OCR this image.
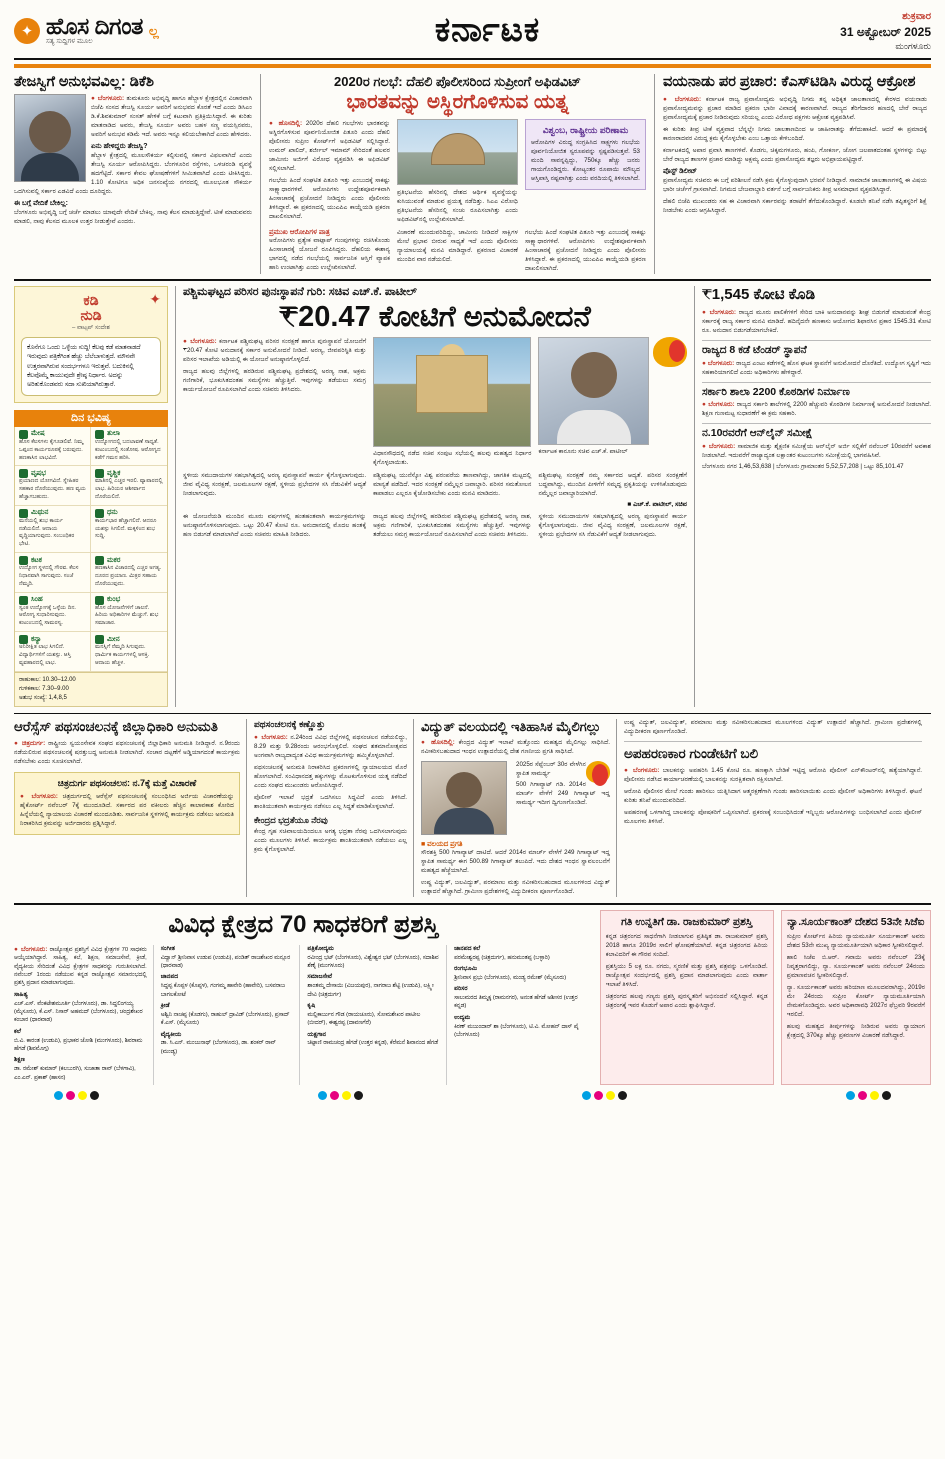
✦ ಹೊಸ ದಿಗಂತ
ಸತ್ಯ ಸುದ್ದಿಗಳ ಮೂಲ
ಲ್ಲ	ಕರ್ನಾಟಕ	ಶುಕ್ರವಾರ
31 ಅಕ್ಟೋಬರ್ 2025
ಮಂಗಳೂರು
ತೇಜಸ್ವಿಗೆ ಅನುಭವವಿಲ್ಲ: ಡಿಕೆಶಿ
● ಬೆಂಗಳೂರು: ತುಮಕೂರು ಅಭಿವೃದ್ಧಿ ಹಾಗೂ ಹೆಬ್ಬಾಳ ಕ್ಷೇತ್ರದಲ್ಲಿನ ವಿಚಾರವಾಗಿ ಬಿಜೆಪಿ ಸಂಸದ ತೇಜಸ್ವಿ ಸೂರ್ಯ ಅವರಿಗೆ ಅನುಭವದ ಕೊರತೆ ಇದೆ ಎಂದು ಡಿಸಿಎಂ ಡಿ.ಕೆ.ಶಿವಕುಮಾರ್ ಸಂಸತ್ ಹೇಳಿಕೆ ಬಗ್ಗೆ ಕಟುವಾಗಿ ಪ್ರತಿಕ್ರಿಯಿಸಿದ್ದಾರೆ. ಈ ಕುರಿತು ಮಾತನಾಡಿದ ಅವರು, ತೇಜಸ್ವಿ ಸೂರ್ಯ ಅವರು ಬಹಳ ಸಣ್ಣ ವಯಸ್ಸಿನವರು, ಅವರಿಗೆ ಅನುಭವ ಕಡಿಮೆ ಇದೆ. ಅವರು ಇನ್ನೂ ಕಲಿಯಬೇಕಾಗಿದೆ ಎಂದು ಹೇಳಿದರು.
ಏನು ಹೇಳಿದ್ದರು ತೇಜಸ್ವಿ?
ಹೆಬ್ಬಾಳ ಕ್ಷೇತ್ರದಲ್ಲಿ ಮೂಲಸೌಕರ್ಯ ಕಲ್ಪಿಸುವಲ್ಲಿ ಸರ್ಕಾರ ವಿಫಲವಾಗಿದೆ ಎಂದು ತೇಜಸ್ವಿ ಸೂರ್ಯ ಆರೋಪಿಸಿದ್ದರು. ಬೆಂಗಳೂರಿನ ರಸ್ತೆಗಳು, ಒಳಚರಂಡಿ ವ್ಯವಸ್ಥೆ ಹದಗೆಟ್ಟಿದೆ. ಸರ್ಕಾರ ಕೇವಲ ಘೋಷಣೆಗಳಿಗೆ ಸೀಮಿತವಾಗಿದೆ ಎಂದು ಟೀಕಿಸಿದ್ದರು. 1.10 ಕೋಟಿಗೂ ಅಧಿಕ ಜನಸಂಖ್ಯೆಯ ನಗರದಲ್ಲಿ ಮೂಲಭೂತ ಸೌಕರ್ಯ ಒದಗಿಸುವಲ್ಲಿ ಸರ್ಕಾರ ಎಡವಿದೆ ಎಂದು ದೂರಿದ್ದರು.
ಈ ಬಗ್ಗೆ ವೇದಿಕೆ ಬೇಕಿಲ್ಲ:
ಬೆಂಗಳೂರು ಅಭಿವೃದ್ಧಿ ಬಗ್ಗೆ ಚರ್ಚೆ ಮಾಡಲು ಯಾವುದೇ ವೇದಿಕೆ ಬೇಕಿಲ್ಲ. ನಾವು ಕೆಲಸ ಮಾಡುತ್ತಿದ್ದೇವೆ. ಟೀಕೆ ಮಾಡುವವರು ಮಾಡಲಿ, ನಾವು ಕೆಲಸದ ಮೂಲಕ ಉತ್ತರ ನೀಡುತ್ತೇವೆ ಎಂದರು.
2020ರ ಗಲಭೆ: ದೆಹಲಿ ಪೊಲೀಸರಿಂದ ಸುಪ್ರೀಂಗೆ ಅಫಿಡವಿಟ್
ಭಾರತವನ್ನು ಅಸ್ಥಿರಗೊಳಿಸುವ ಯತ್ನ
● ಹೊಸದಿಲ್ಲಿ: 2020ರ ದೆಹಲಿ ಗಲಭೆಗಳು ಭಾರತವನ್ನು ಅಸ್ಥಿರಗೊಳಿಸುವ ಪೂರ್ವನಿಯೋಜಿತ ಪಿತೂರಿ ಎಂದು ದೆಹಲಿ ಪೊಲೀಸರು ಸುಪ್ರೀಂ ಕೋರ್ಟ್‌ಗೆ ಅಫಿಡವಿಟ್ ಸಲ್ಲಿಸಿದ್ದಾರೆ. ಉಮರ್ ಖಾಲಿದ್, ಶರ್ಜೀಲ್ ಇಮಾಮ್ ಸೇರಿದಂತೆ ಹಲವರ ಜಾಮೀನು ಅರ್ಜಿಗೆ ವಿರೋಧ ವ್ಯಕ್ತಪಡಿಸಿ ಈ ಅಫಿಡವಿಟ್ ಸಲ್ಲಿಸಲಾಗಿದೆ.
ಗಲಭೆಯ ಹಿಂದೆ ಸಂಘಟಿತ ಪಿತೂರಿ ಇತ್ತು ಎಂಬುದಕ್ಕೆ ಸಾಕಷ್ಟು ಸಾಕ್ಷ್ಯಾಧಾರಗಳಿವೆ. ಆರೋಪಿಗಳು ಉದ್ದೇಶಪೂರ್ವಕವಾಗಿ ಹಿಂಸಾಚಾರಕ್ಕೆ ಪ್ರಚೋದನೆ ನೀಡಿದ್ದರು ಎಂದು ಪೊಲೀಸರು ತಿಳಿಸಿದ್ದಾರೆ. ಈ ಪ್ರಕರಣದಲ್ಲಿ ಯುಎಪಿಎ ಕಾಯ್ದೆಯಡಿ ಪ್ರಕರಣ ದಾಖಲಿಸಲಾಗಿದೆ.
ಪ್ರತಿಭಟನೆಯ ಹೆಸರಿನಲ್ಲಿ ದೇಶದ ಆರ್ಥಿಕ ವ್ಯವಸ್ಥೆಯನ್ನು ಕುಸಿಯುವಂತೆ ಮಾಡುವ ಪ್ರಯತ್ನ ನಡೆದಿತ್ತು. ಸಿಎಎ ವಿರೋಧಿ ಪ್ರತಿಭಟನೆಯ ಹೆಸರಿನಲ್ಲಿ ಸಂಚು ರೂಪಿಸಲಾಗಿತ್ತು ಎಂದು ಅಫಿಡವಿಟ್‌ನಲ್ಲಿ ಉಲ್ಲೇಖಿಸಲಾಗಿದೆ.
ವಿಶ್ವಂಬ, ರಾಷ್ಟ್ರೀಯ ಪರಿಣಾಮ
ಆರೋಪಿಗಳ ವಿರುದ್ಧ ಸಂಗ್ರಹಿಸಿದ ಸಾಕ್ಷ್ಯಗಳು ಗಲಭೆಯ ಪೂರ್ವನಿಯೋಜಿತ ಸ್ವರೂಪವನ್ನು ಸ್ಪಷ್ಟಪಡಿಸುತ್ತವೆ. 53 ಮಂದಿ ಸಾವನ್ನಪ್ಪಿದ್ದು, 750ಕ್ಕೂ ಹೆಚ್ಚು ಜನರು ಗಾಯಗೊಂಡಿದ್ದರು. ಕೋಟ್ಯಂತರ ರೂಪಾಯಿ ಮೌಲ್ಯದ ಆಸ್ತಿಪಾಸ್ತಿ ನಷ್ಟವಾಗಿತ್ತು ಎಂದು ವರದಿಯಲ್ಲಿ ತಿಳಿಸಲಾಗಿದೆ.
ಪ್ರಮುಖ ಆರೋಪಿಗಳ ಪಾತ್ರ
ಅರೋಪಿಗಳು ಪ್ರತ್ಯೇಕ ವಾಟ್ಸಾಪ್ ಗುಂಪುಗಳನ್ನು ರಚಿಸಿಕೊಂಡು ಹಿಂಸಾಚಾರಕ್ಕೆ ಯೋಜನೆ ರೂಪಿಸಿದ್ದರು. ದೆಹಲಿಯ ಈಶಾನ್ಯ ಭಾಗದಲ್ಲಿ ನಡೆದ ಗಲಭೆಯಲ್ಲಿ ಸಾರ್ವಜನಿಕ ಆಸ್ತಿಗೆ ವ್ಯಾಪಕ ಹಾನಿ ಉಂಟಾಗಿತ್ತು ಎಂದು ಉಲ್ಲೇಖಿಸಲಾಗಿದೆ.
ವಿಚಾರಣೆ ಮುಂದುವರಿದಿದ್ದು, ಜಾಮೀನು ನೀಡಿದರೆ ಸಾಕ್ಷಿಗಳ ಮೇಲೆ ಪ್ರಭಾವ ಬೀರುವ ಸಾಧ್ಯತೆ ಇದೆ ಎಂದು ಪೊಲೀಸರು ನ್ಯಾಯಾಲಯಕ್ಕೆ ಮನವಿ ಮಾಡಿದ್ದಾರೆ. ಪ್ರಕರಣದ ವಿಚಾರಣೆ ಮುಂದಿನ ವಾರ ನಡೆಯಲಿದೆ.
ಗಲಭೆಯ ಹಿಂದೆ ಸಂಘಟಿತ ಪಿತೂರಿ ಇತ್ತು ಎಂಬುದಕ್ಕೆ ಸಾಕಷ್ಟು ಸಾಕ್ಷ್ಯಾಧಾರಗಳಿವೆ. ಆರೋಪಿಗಳು ಉದ್ದೇಶಪೂರ್ವಕವಾಗಿ ಹಿಂಸಾಚಾರಕ್ಕೆ ಪ್ರಚೋದನೆ ನೀಡಿದ್ದರು ಎಂದು ಪೊಲೀಸರು ತಿಳಿಸಿದ್ದಾರೆ. ಈ ಪ್ರಕರಣದಲ್ಲಿ ಯುಎಪಿಎ ಕಾಯ್ದೆಯಡಿ ಪ್ರಕರಣ ದಾಖಲಿಸಲಾಗಿದೆ.
ವಯನಾಡು ಪರ ಪ್ರಚಾರ: ಕೆಎಸ್‌ಟಿಡಿಸಿ ವಿರುದ್ಧ ಆಕ್ರೋಶ
● ಬೆಂಗಳೂರು: ಕರ್ನಾಟಕ ರಾಜ್ಯ ಪ್ರವಾಸೋದ್ಯಮ ಅಭಿವೃದ್ಧಿ ನಿಗಮ ತನ್ನ ಅಧಿಕೃತ ಜಾಲತಾಣದಲ್ಲಿ ಕೇರಳದ ವಯನಾಡು ಪ್ರವಾಸೋದ್ಯಮವನ್ನು ಪ್ರಚಾರ ಮಾಡಿದ ಪ್ರಕರಣ ಭಾರೀ ವಿವಾದಕ್ಕೆ ಕಾರಣವಾಗಿದೆ. ರಾಜ್ಯದ ತೆರಿಗೆದಾರರ ಹಣದಲ್ಲಿ ಬೇರೆ ರಾಜ್ಯದ ಪ್ರವಾಸೋದ್ಯಮಕ್ಕೆ ಪ್ರಚಾರ ನೀಡಿರುವುದು ಸರಿಯಲ್ಲ ಎಂದು ವಿರೋಧ ಪಕ್ಷಗಳು ಆಕ್ರೋಶ ವ್ಯಕ್ತಪಡಿಸಿವೆ.
ಈ ಕುರಿತು ತೀವ್ರ ಟೀಕೆ ವ್ಯಕ್ತವಾದ ಬೆನ್ನಲ್ಲೇ ನಿಗಮ ಜಾಲತಾಣದಿಂದ ಆ ಜಾಹೀರಾತನ್ನು ತೆಗೆದುಹಾಕಿದೆ. ಆದರೆ ಈ ಪ್ರಮಾದಕ್ಕೆ ಕಾರಣರಾದವರ ವಿರುದ್ಧ ಕ್ರಮ ಕೈಗೊಳ್ಳಬೇಕು ಎಂಬ ಒತ್ತಾಯ ಕೇಳಿಬಂದಿದೆ.
ಕರ್ನಾಟಕದಲ್ಲಿ ಅಪಾರ ಪ್ರವಾಸಿ ತಾಣಗಳಿವೆ. ಕೊಡಗು, ಚಿಕ್ಕಮಗಳೂರು, ಹಂಪಿ, ಗೋಕರ್ಣ, ಜೋಗ ಜಲಪಾತದಂತಹ ಸ್ಥಳಗಳನ್ನು ಬಿಟ್ಟು ಬೇರೆ ರಾಜ್ಯದ ತಾಣಗಳ ಪ್ರಚಾರ ಮಾಡಿದ್ದು ಅಕ್ಷಮ್ಯ ಎಂದು ಪ್ರವಾಸೋದ್ಯಮ ತಜ್ಞರು ಅಭಿಪ್ರಾಯಪಟ್ಟಿದ್ದಾರೆ.
ಪೊಸ್ಟ್ ಡಿಲೀಟ್
ಪ್ರವಾಸೋದ್ಯಮ ಸಚಿವರು ಈ ಬಗ್ಗೆ ಪರಿಶೀಲನೆ ನಡೆಸಿ ಕ್ರಮ ಕೈಗೊಳ್ಳುವುದಾಗಿ ಭರವಸೆ ನೀಡಿದ್ದಾರೆ. ಸಾಮಾಜಿಕ ಜಾಲತಾಣಗಳಲ್ಲಿ ಈ ವಿಷಯ ಭಾರೀ ಚರ್ಚೆಗೆ ಗ್ರಾಸವಾಗಿದೆ. ನಿಗಮದ ಬೇಜವಾಬ್ದಾರಿ ವರ್ತನೆ ಬಗ್ಗೆ ಸಾರ್ವಜನಿಕರು ತೀವ್ರ ಅಸಮಾಧಾನ ವ್ಯಕ್ತಪಡಿಸಿದ್ದಾರೆ.
ದೆಹಲಿ ಬಿಜೆಪಿ ಮುಖಂಡರು ಸಹ ಈ ವಿಚಾರವಾಗಿ ಸರ್ಕಾರವನ್ನು ತರಾಟೆಗೆ ತೆಗೆದುಕೊಂಡಿದ್ದಾರೆ. ಕೂಡಲೇ ತನಿಖೆ ನಡೆಸಿ ತಪ್ಪಿತಸ್ಥರಿಗೆ ಶಿಕ್ಷೆ ನೀಡಬೇಕು ಎಂದು ಆಗ್ರಹಿಸಿದ್ದಾರೆ.
✦
ಕಡಿ
ನುಡಿ
– ವಾಟ್ಸಪ್ ಸಂದೇಶ
ಕೊನೆಗೂ ಒಂದು ಒಳ್ಳೆಯ ಸುದ್ದಿ! ಕೆಲವು ಕಡೆ ಮಾತನಾಡದೆ ಇರುವುದು ಪತ್ರಿಕೆಗಿಂತ ಹೆಚ್ಚು ಬೆಲೆಬಾಳುತ್ತದೆ. ಮೌನವೇ ಉತ್ತರವಾಗಿರುವ ಸಂದರ್ಭಗಳೂ ಇರುತ್ತವೆ. ಬದುಕಿನಲ್ಲಿ ಕೆಲವೊಮ್ಮೆ ಕಾಯುವುದೇ ಶ್ರೇಷ್ಠ ನಿರ್ಧಾರ. ಅದನ್ನು ಅರಿತುಕೊಂಡವರು ಸದಾ ಸುಖಿಯಾಗಿರುತ್ತಾರೆ.
ದಿನ ಭವಿಷ್ಯ
ಮೇಷ
ಹೊಸ ಕೆಲಸಗಳು ಕೈಗೂಡಲಿವೆ. ನಿಮ್ಮ ಒಪ್ಪಂದ ಕಾರ್ಯರೂಪಕ್ಕೆ ಬರುವುದು. ಹಣಕಾಸಿನ ಲಾಭವಿದೆ.
ತುಲಾ
ಉದ್ಯೋಗದಲ್ಲಿ ಬದಲಾವಣೆ ಸಾಧ್ಯತೆ. ಕುಟುಂಬದಲ್ಲಿ ಸಂತೋಷ. ಆರೋಗ್ಯದ ಕಡೆಗೆ ಗಮನ ಹರಿಸಿ.
ವೃಷಭ
ಪ್ರಯಾಣದ ಯೋಗವಿದೆ. ಸ್ನೇಹಿತರ ಸಹಕಾರ ದೊರೆಯುವುದು. ಹಣ ವ್ಯಯ ಹೆಚ್ಚಾಗಬಹುದು.
ವೃಶ್ಚಿಕ
ಮಾತಿನಲ್ಲಿ ಎಚ್ಚರ ಇರಲಿ. ವ್ಯಾಪಾರದಲ್ಲಿ ಲಾಭ. ಹಿರಿಯರ ಆಶೀರ್ವಾದ ದೊರೆಯಲಿದೆ.
ಮಿಥುನ
ಮನೆಯಲ್ಲಿ ಶುಭ ಕಾರ್ಯ ನಡೆಯಲಿದೆ. ಆದಾಯ ವೃದ್ಧಿಯಾಗುವುದು. ಸಂಬಂಧಿಕರ ಭೇಟಿ.
ಧನು
ಕಾರ್ಯಭಾರ ಹೆಚ್ಚಾಗಲಿದೆ. ಆದರೂ ಯಶಸ್ಸು ಸಿಗಲಿದೆ. ಮಕ್ಕಳಿಂದ ಶುಭ ಸುದ್ದಿ.
ಕಟಕ
ಉದ್ಯೋಗ ಸ್ಥಳದಲ್ಲಿ ಗೌರವ. ಕೆಲಸ ನಿಧಾನವಾಗಿ ಸಾಗುವುದು. ಸಂಜೆ ನೆಮ್ಮದಿ.
ಮಕರ
ಹಣಕಾಸಿನ ವಿಚಾರದಲ್ಲಿ ಎಚ್ಚರ ಅಗತ್ಯ. ದೂರದ ಪ್ರಯಾಣ. ಮಿತ್ರರ ಸಹಾಯ ದೊರೆಯುವುದು.
ಸಿಂಹ
ಸ್ವಂತ ಉದ್ಯೋಗಕ್ಕೆ ಒಳ್ಳೆಯ ದಿನ. ಆರೋಗ್ಯ ಸುಧಾರಿಸುವುದು. ಕುಟುಂಬದಲ್ಲಿ ಸಾಮರಸ್ಯ.
ಕುಂಭ
ಹೊಸ ಯೋಜನೆಗಳಿಗೆ ಚಾಲನೆ. ಹಿರಿಯ ಅಧಿಕಾರಿಗಳ ಮೆಚ್ಚುಗೆ. ಶುಭ ಸಮಾಚಾರ.
ಕನ್ಯಾ
ಅನಿರೀಕ್ಷಿತ ಲಾಭ ಸಿಗಲಿದೆ. ವಿದ್ಯಾರ್ಥಿಗಳಿಗೆ ಯಶಸ್ಸು. ಆಸ್ತಿ ವ್ಯವಹಾರದಲ್ಲಿ ಲಾಭ.
ಮೀನ
ಮನಸ್ಸಿಗೆ ನೆಮ್ಮದಿ ಸಿಗುವುದು. ಧಾರ್ಮಿಕ ಕಾರ್ಯಗಳಲ್ಲಿ ಆಸಕ್ತಿ. ಆದಾಯ ಹೆಚ್ಚಳ.
ರಾಹುಕಾಲ: 10.30–12.00
ಗುಳಿಕಕಾಲ: 7.30–9.00
ಅಶುಭ ಸಂಖ್ಯೆ: 1,4,8,5
ಪಶ್ಚಿಮಘಟ್ಟದ ಪರಿಸರ ಪುನಃಸ್ಥಾಪನೆ ಗುರಿ: ಸಚಿವ ಎಚ್.ಕೆ. ಪಾಟೀಲ್
₹20.47 ಕೋಟಿಗೆ ಅನುಮೋದನೆ
● ಬೆಂಗಳೂರು: ಕರ್ನಾಟಕ ಪಶ್ಚಿಮಘಟ್ಟ ಪರಿಸರ ಸಂರಕ್ಷಣೆ ಹಾಗೂ ಪುನಃಸ್ಥಾಪನೆ ಯೋಜನೆಗೆ ₹20.47 ಕೋಟಿ ಅನುದಾನಕ್ಕೆ ಸರ್ಕಾರ ಅನುಮೋದನೆ ನೀಡಿದೆ. ಅರಣ್ಯ, ಜೀವಪರಿಸ್ಥಿತಿ ಮತ್ತು ಪರಿಸರ ಇಲಾಖೆಯ ಅಡಿಯಲ್ಲಿ ಈ ಯೋಜನೆ ಅನುಷ್ಠಾನಗೊಳ್ಳಲಿದೆ.
ರಾಜ್ಯದ ಹಲವು ಜಿಲ್ಲೆಗಳಲ್ಲಿ ಹರಡಿರುವ ಪಶ್ಚಿಮಘಟ್ಟ ಪ್ರದೇಶದಲ್ಲಿ ಅರಣ್ಯ ನಾಶ, ಅಕ್ರಮ ಗಣಿಗಾರಿಕೆ, ಭೂಕುಸಿತದಂತಹ ಸಮಸ್ಯೆಗಳು ಹೆಚ್ಚುತ್ತಿವೆ. ಇವುಗಳನ್ನು ತಡೆಯಲು ಸಮಗ್ರ ಕಾರ್ಯಯೋಜನೆ ರೂಪಿಸಲಾಗಿದೆ ಎಂದು ಸಚಿವರು ತಿಳಿಸಿದರು.
ವಿಧಾನಸೌಧದಲ್ಲಿ ನಡೆದ ಸಚಿವ ಸಂಪುಟ ಸಭೆಯಲ್ಲಿ ಹಲವು ಮಹತ್ವದ ನಿರ್ಧಾರ ಕೈಗೊಳ್ಳಲಾಯಿತು.
ಕರ್ನಾಟಕ ಕಾನೂನು ಸಚಿವ ಎಚ್.ಕೆ. ಪಾಟೀಲ್
ಸ್ಥಳೀಯ ಸಮುದಾಯಗಳ ಸಹಭಾಗಿತ್ವದಲ್ಲಿ ಅರಣ್ಯ ಪುನಃಸ್ಥಾಪನೆ ಕಾರ್ಯ ಕೈಗೊಳ್ಳಲಾಗುವುದು. ಜೀವ ವೈವಿಧ್ಯ ಸಂರಕ್ಷಣೆ, ಜಲಮೂಲಗಳ ರಕ್ಷಣೆ, ಸ್ಥಳೀಯ ಪ್ರಭೇದಗಳ ಸಸಿ ನೆಡುವಿಕೆಗೆ ಆದ್ಯತೆ ನೀಡಲಾಗುವುದು.
ಪಶ್ಚಿಮಘಟ್ಟ ಯುನೆಸ್ಕೋ ವಿಶ್ವ ಪರಂಪರೆಯ ತಾಣವಾಗಿದ್ದು, ಜಾಗತಿಕ ಮಟ್ಟದಲ್ಲಿ ಮಾನ್ಯತೆ ಪಡೆದಿದೆ. ಇದರ ಸಂರಕ್ಷಣೆ ನಮ್ಮೆಲ್ಲರ ಜವಾಬ್ದಾರಿ. ಪರಿಸರ ಸಮತೋಲನ ಕಾಪಾಡಲು ಎಲ್ಲರೂ ಕೈಜೋಡಿಸಬೇಕು ಎಂದು ಮನವಿ ಮಾಡಿದರು.
ಪಶ್ಚಿಮಘಟ್ಟ ಸಂರಕ್ಷಣೆ ನಮ್ಮ ಸರ್ಕಾರದ ಆದ್ಯತೆ. ಪರಿಸರ ಸಂರಕ್ಷಣೆಗೆ ಬದ್ಧವಾಗಿದ್ದು, ಮುಂದಿನ ಪೀಳಿಗೆಗೆ ಸಮೃದ್ಧ ಪ್ರಕೃತಿಯನ್ನು ಉಳಿಸಿಕೊಡುವುದು ನಮ್ಮೆಲ್ಲರ ಜವಾಬ್ದಾರಿಯಾಗಿದೆ.
■ ಎಚ್.ಕೆ. ಪಾಟೀಲ್, ಸಚಿವ
ಈ ಯೋಜನೆಯಡಿ ಮುಂದಿನ ಮೂರು ವರ್ಷಗಳಲ್ಲಿ ಹಂತಹಂತವಾಗಿ ಕಾರ್ಯಕ್ರಮಗಳನ್ನು ಅನುಷ್ಠಾನಗೊಳಿಸಲಾಗುವುದು. ಒಟ್ಟು 20.47 ಕೋಟಿ ರೂ. ಅನುದಾನದಲ್ಲಿ ಮೊದಲ ಹಂತಕ್ಕೆ ಹಣ ಬಿಡುಗಡೆ ಮಾಡಲಾಗಿದೆ ಎಂದು ಸಚಿವರು ಮಾಹಿತಿ ನೀಡಿದರು.
ರಾಜ್ಯದ ಹಲವು ಜಿಲ್ಲೆಗಳಲ್ಲಿ ಹರಡಿರುವ ಪಶ್ಚಿಮಘಟ್ಟ ಪ್ರದೇಶದಲ್ಲಿ ಅರಣ್ಯ ನಾಶ, ಅಕ್ರಮ ಗಣಿಗಾರಿಕೆ, ಭೂಕುಸಿತದಂತಹ ಸಮಸ್ಯೆಗಳು ಹೆಚ್ಚುತ್ತಿವೆ. ಇವುಗಳನ್ನು ತಡೆಯಲು ಸಮಗ್ರ ಕಾರ್ಯಯೋಜನೆ ರೂಪಿಸಲಾಗಿದೆ ಎಂದು ಸಚಿವರು ತಿಳಿಸಿದರು.
ಸ್ಥಳೀಯ ಸಮುದಾಯಗಳ ಸಹಭಾಗಿತ್ವದಲ್ಲಿ ಅರಣ್ಯ ಪುನಃಸ್ಥಾಪನೆ ಕಾರ್ಯ ಕೈಗೊಳ್ಳಲಾಗುವುದು. ಜೀವ ವೈವಿಧ್ಯ ಸಂರಕ್ಷಣೆ, ಜಲಮೂಲಗಳ ರಕ್ಷಣೆ, ಸ್ಥಳೀಯ ಪ್ರಭೇದಗಳ ಸಸಿ ನೆಡುವಿಕೆಗೆ ಆದ್ಯತೆ ನೀಡಲಾಗುವುದು.
₹1,545 ಕೋಟಿ ಕೊಡಿ
● ಬೆಂಗಳೂರು: ರಾಜ್ಯದ ಮೂರು ಪಾಲಿಕೆಗಳಿಗೆ ಸೇರಿದ ಬಾಕಿ ಅನುದಾನವನ್ನು ಶೀಘ್ರ ಬಿಡುಗಡೆ ಮಾಡುವಂತೆ ಕೇಂದ್ರ ಸರ್ಕಾರಕ್ಕೆ ರಾಜ್ಯ ಸರ್ಕಾರ ಮನವಿ ಮಾಡಿದೆ. ಹದಿನೈದನೇ ಹಣಕಾಸು ಆಯೋಗದ ಶಿಫಾರಸಿನ ಪ್ರಕಾರ 1545.31 ಕೋಟಿ ರೂ. ಅನುದಾನ ಬಿಡುಗಡೆಯಾಗಬೇಕಿದೆ.
ರಾಜ್ಯದ 8 ಕಡೆ ಟೆಂಡರ್ ಸ್ಥಾಪನೆ
● ಬೆಂಗಳೂರು: ರಾಜ್ಯದ ಎಂಟು ಕಡೆಗಳಲ್ಲಿ ಹೊಸ ಘಟಕ ಸ್ಥಾಪನೆಗೆ ಅನುಮೋದನೆ ದೊರೆತಿದೆ. ಉದ್ಯೋಗ ಸೃಷ್ಟಿಗೆ ಇದು ಸಹಕಾರಿಯಾಗಲಿದೆ ಎಂದು ಅಧಿಕಾರಿಗಳು ಹೇಳಿದ್ದಾರೆ.
ಸರ್ಕಾರಿ ಶಾಲಾ 2200 ಕೊಠಡಿಗಳ ನಿರ್ಮಾಣ
● ಬೆಂಗಳೂರು: ರಾಜ್ಯದ ಸರ್ಕಾರಿ ಶಾಲೆಗಳಲ್ಲಿ 2200 ಹೆಚ್ಚುವರಿ ಕೊಠಡಿಗಳ ನಿರ್ಮಾಣಕ್ಕೆ ಅನುಮೋದನೆ ನೀಡಲಾಗಿದೆ. ಶಿಕ್ಷಣ ಗುಣಮಟ್ಟ ಸುಧಾರಣೆಗೆ ಈ ಕ್ರಮ ಸಹಕಾರಿ.
ನ.10ರವರೆಗೆ ಆನ್‌ಲೈನ್ ಸಮೀಕ್ಷೆ
● ಬೆಂಗಳೂರು: ಸಾಮಾಜಿಕ ಮತ್ತು ಶೈಕ್ಷಣಿಕ ಸಮೀಕ್ಷೆಯ ಆನ್‌ಲೈನ್ ಅರ್ಜಿ ಸಲ್ಲಿಕೆಗೆ ನವೆಂಬರ್ 10ರವರೆಗೆ ಅವಕಾಶ ನೀಡಲಾಗಿದೆ. ಇದುವರೆಗೆ ರಾಜ್ಯಾದ್ಯಂತ ಲಕ್ಷಾಂತರ ಕುಟುಂಬಗಳು ಸಮೀಕ್ಷೆಯಲ್ಲಿ ಭಾಗವಹಿಸಿವೆ.
ಬೆಂಗಳೂರು ನಗರ 1,46,53,638 | ಬೆಂಗಳೂರು ಗ್ರಾಮಾಂತರ 5,52,57,208 | ಒಟ್ಟು 85,101.47
ಆರೆಸ್ಸೆಸ್ ಪಥಸಂಚಲನಕ್ಕೆ ಜಿಲ್ಲಾಧಿಕಾರಿ ಅನುಮತಿ
● ಚಿತ್ರದುರ್ಗ: ರಾಷ್ಟ್ರೀಯ ಸ್ವಯಂಸೇವಕ ಸಂಘದ ಪಥಸಂಚಲನಕ್ಕೆ ಜಿಲ್ಲಾಧಿಕಾರಿ ಅನುಮತಿ ನೀಡಿದ್ದಾರೆ. ನ.9ರಂದು ನಡೆಯಲಿರುವ ಪಥಸಂಚಲನಕ್ಕೆ ಷರತ್ತುಬದ್ಧ ಅನುಮತಿ ನೀಡಲಾಗಿದೆ. ಸಂಚಾರ ದಟ್ಟಣೆಗೆ ಅಡ್ಡಿಯಾಗದಂತೆ ಕಾರ್ಯಕ್ರಮ ನಡೆಸಬೇಕು ಎಂದು ಸೂಚಿಸಲಾಗಿದೆ.
ಚಿತ್ರದುರ್ಗ ಪಥಸಂಚಲನ: ನ.7ಕ್ಕೆ ಮತ್ತೆ ವಿಚಾರಣೆ
● ಬೆಂಗಳೂರು: ಚಿತ್ರದುರ್ಗದಲ್ಲಿ ಆರೆಸ್ಸೆಸ್ ಪಥಸಂಚಲನಕ್ಕೆ ಸಂಬಂಧಿಸಿದ ಅರ್ಜಿಯ ವಿಚಾರಣೆಯನ್ನು ಹೈಕೋರ್ಟ್ ನವೆಂಬರ್ 7ಕ್ಕೆ ಮುಂದೂಡಿದೆ. ಸರ್ಕಾರದ ಪರ ವಕೀಲರು ಹೆಚ್ಚಿನ ಕಾಲಾವಕಾಶ ಕೋರಿದ ಹಿನ್ನೆಲೆಯಲ್ಲಿ ನ್ಯಾಯಾಲಯ ವಿಚಾರಣೆ ಮುಂದೂಡಿತು. ಸಾರ್ವಜನಿಕ ಸ್ಥಳಗಳಲ್ಲಿ ಕಾರ್ಯಕ್ರಮ ನಡೆಸಲು ಅನುಮತಿ ನಿರಾಕರಿಸಿದ ಕ್ರಮವನ್ನು ಅರ್ಜಿದಾರರು ಪ್ರಶ್ನಿಸಿದ್ದಾರೆ.
ಪಥಸಂಚಲನಕ್ಕೆ ಕಣ್ಣೊತ್ತು
● ಬೆಂಗಳೂರು: ನ.24ರಿಂದ ವಿವಿಧ ಜಿಲ್ಲೆಗಳಲ್ಲಿ ಪಥಸಂಚಲನ ನಡೆಯಲಿದ್ದು, 8.29 ಮತ್ತು 9.28ರಂದು ಆರಂಭಗೊಳ್ಳಲಿದೆ. ಸಂಘದ ಶತಮಾನೋತ್ಸವದ ಅಂಗವಾಗಿ ರಾಜ್ಯದಾದ್ಯಂತ ವಿವಿಧ ಕಾರ್ಯಕ್ರಮಗಳನ್ನು ಹಮ್ಮಿಕೊಳ್ಳಲಾಗಿದೆ.
ಪಥಸಂಚಲನಕ್ಕೆ ಅನುಮತಿ ನಿರಾಕರಿಸಿದ ಪ್ರಕರಣಗಳಲ್ಲಿ ನ್ಯಾಯಾಲಯದ ಮೊರೆ ಹೋಗಲಾಗಿದೆ. ಸಂವಿಧಾನದತ್ತ ಹಕ್ಕುಗಳನ್ನು ಮೊಟಕುಗೊಳಿಸುವ ಯತ್ನ ನಡೆದಿದೆ ಎಂದು ಸಂಘದ ಮುಖಂಡರು ಆರೋಪಿಸಿದ್ದಾರೆ.
ಪೊಲೀಸ್ ಇಲಾಖೆ ಭದ್ರತೆ ಒದಗಿಸಲು ಸಿದ್ಧವಿದೆ ಎಂದು ತಿಳಿಸಿದೆ. ಶಾಂತಿಯುತವಾಗಿ ಕಾರ್ಯಕ್ರಮ ನಡೆಸಲು ಎಲ್ಲ ಸಿದ್ಧತೆ ಮಾಡಿಕೊಳ್ಳಲಾಗಿದೆ.
ಕೇಂದ್ರದ ಭದ್ರತೆಯೂ ನೆರವು
ಕೇಂದ್ರ ಗೃಹ ಸಚಿವಾಲಯದಿಂದಲೂ ಅಗತ್ಯ ಭದ್ರತಾ ನೆರವು ಒದಗಿಸಲಾಗುವುದು ಎಂದು ಮೂಲಗಳು ತಿಳಿಸಿವೆ. ಕಾರ್ಯಕ್ರಮ ಶಾಂತಿಯುತವಾಗಿ ನಡೆಯಲು ಎಲ್ಲ ಕ್ರಮ ಕೈಗೊಳ್ಳಲಾಗಿದೆ.
ವಿದ್ಯುತ್ ವಲಯದಲ್ಲಿ ಇತಿಹಾಸಿಕ ಮೈಲಿಗಲ್ಲು
● ಹೊಸದಿಲ್ಲಿ: ಕೇಂದ್ರದ ವಿದ್ಯುತ್ ಇಲಾಖೆ ಮತ್ತೊಂದು ಮಹತ್ವದ ಮೈಲಿಗಲ್ಲು ಸಾಧಿಸಿದೆ. ನವೀಕರಿಸಬಹುದಾದ ಇಂಧನ ಉತ್ಪಾದನೆಯಲ್ಲಿ ದೇಶ ಗಣನೀಯ ಪ್ರಗತಿ ಸಾಧಿಸಿದೆ.
2025ರ ಸೆಪ್ಟೆಂಬರ್ 30ರ ವೇಳೆಗಿನ ಸ್ಥಾಪಿತ ಸಾಮರ್ಥ್ಯ
500 ಗಿಗಾವ್ಯಾಟ್ ಗಡಿ. 2014ರ ಮಾರ್ಚ್ ವೇಳೆಗೆ 249 ಗಿಗಾವ್ಯಾಟ್ ಇದ್ದ ಸಾಮರ್ಥ್ಯ ಇದೀಗ ದ್ವಿಗುಣಗೊಂಡಿದೆ.
■ ವಲಯದ ಪ್ರಗತಿ
ಸೌರಶಕ್ತಿ 500 ಗಿಗಾವ್ಯಾಟ್ ದಾಟಿದೆ. ಆದರೆ 2014ರ ಮಾರ್ಚ್ ವೇಳೆಗೆ 249 ಗಿಗಾವ್ಯಾಟ್ ಇದ್ದ ಸ್ಥಾಪಿತ ಸಾಮರ್ಥ್ಯ ಈಗ 500.89 ಗಿಗಾವ್ಯಾಟ್ ತಲುಪಿದೆ. ಇದು ದೇಶದ ಇಂಧನ ಸ್ವಾವಲಂಬನೆಗೆ ಮಹತ್ವದ ಹೆಜ್ಜೆಯಾಗಿದೆ.
ಉಷ್ಣ ವಿದ್ಯುತ್, ಜಲವಿದ್ಯುತ್, ಪರಮಾಣು ಮತ್ತು ನವೀಕರಿಸಬಹುದಾದ ಮೂಲಗಳಿಂದ ವಿದ್ಯುತ್ ಉತ್ಪಾದನೆ ಹೆಚ್ಚಾಗಿದೆ. ಗ್ರಾಮೀಣ ಪ್ರದೇಶಗಳಲ್ಲಿ ವಿದ್ಯುದೀಕರಣ ಪೂರ್ಣಗೊಂಡಿದೆ.
ಉಷ್ಣ ವಿದ್ಯುತ್, ಜಲವಿದ್ಯುತ್, ಪರಮಾಣು ಮತ್ತು ನವೀಕರಿಸಬಹುದಾದ ಮೂಲಗಳಿಂದ ವಿದ್ಯುತ್ ಉತ್ಪಾದನೆ ಹೆಚ್ಚಾಗಿದೆ. ಗ್ರಾಮೀಣ ಪ್ರದೇಶಗಳಲ್ಲಿ ವಿದ್ಯುದೀಕರಣ ಪೂರ್ಣಗೊಂಡಿದೆ.
ಅಪಹರಣಕಾರ ಗುಂಡೇಟಿಗೆ ಬಲಿ
● ಬೆಂಗಳೂರು: ಬಾಲಕನನ್ನು ಅಪಹರಿಸಿ 1.45 ಕೋಟಿ ರೂ. ಹಣಕ್ಕಾಗಿ ಬೇಡಿಕೆ ಇಟ್ಟಿದ್ದ ಆರೋಪಿ ಪೊಲೀಸ್ ಎನ್‌ಕೌಂಟರ್‌ನಲ್ಲಿ ಹತ್ಯೆಯಾಗಿದ್ದಾನೆ. ಪೊಲೀಸರು ನಡೆಸಿದ ಕಾರ್ಯಾಚರಣೆಯಲ್ಲಿ ಬಾಲಕನನ್ನು ಸುರಕ್ಷಿತವಾಗಿ ರಕ್ಷಿಸಲಾಗಿದೆ.
ಆರೋಪಿ ಪೊಲೀಸರ ಮೇಲೆ ಗುಂಡು ಹಾರಿಸಲು ಯತ್ನಿಸಿದಾಗ ಆತ್ಮರಕ್ಷಣೆಗಾಗಿ ಗುಂಡು ಹಾರಿಸಲಾಯಿತು ಎಂದು ಪೊಲೀಸ್ ಅಧಿಕಾರಿಗಳು ತಿಳಿಸಿದ್ದಾರೆ. ಘಟನೆ ಕುರಿತು ತನಿಖೆ ಮುಂದುವರಿದಿದೆ.
ಅಪಹರಣಕ್ಕೆ ಒಳಗಾಗಿದ್ದ ಬಾಲಕನನ್ನು ಪೋಷಕರಿಗೆ ಒಪ್ಪಿಸಲಾಗಿದೆ. ಪ್ರಕರಣಕ್ಕೆ ಸಂಬಂಧಿಸಿದಂತೆ ಇನ್ನಿಬ್ಬರು ಆರೋಪಿಗಳನ್ನು ಬಂಧಿಸಲಾಗಿದೆ ಎಂದು ಪೊಲೀಸ್ ಮೂಲಗಳು ತಿಳಿಸಿವೆ.
ವಿವಿಧ ಕ್ಷೇತ್ರದ 70 ಸಾಧಕರಿಗೆ ಪ್ರಶಸ್ತಿ

● ಬೆಂಗಳೂರು: ರಾಜ್ಯೋತ್ಸವ ಪ್ರಶಸ್ತಿಗೆ ವಿವಿಧ ಕ್ಷೇತ್ರಗಳ 70 ಸಾಧಕರು ಆಯ್ಕೆಯಾಗಿದ್ದಾರೆ. ಸಾಹಿತ್ಯ, ಕಲೆ, ಶಿಕ್ಷಣ, ಸಮಾಜಸೇವೆ, ಕ್ರೀಡೆ, ವೈದ್ಯಕೀಯ ಸೇರಿದಂತೆ ವಿವಿಧ ಕ್ಷೇತ್ರಗಳ ಸಾಧಕರನ್ನು ಗುರುತಿಸಲಾಗಿದೆ. ನವೆಂಬರ್ 1ರಂದು ನಡೆಯುವ ಕನ್ನಡ ರಾಜ್ಯೋತ್ಸವ ಸಮಾರಂಭದಲ್ಲಿ ಪ್ರಶಸ್ತಿ ಪ್ರದಾನ ಮಾಡಲಾಗುವುದು.

ಸಾಹಿತ್ಯ
ಎಚ್.ಎಸ್. ವೆಂಕಟೇಶಮೂರ್ತಿ (ಬೆಂಗಳೂರು), ಡಾ. ಸಿದ್ದಲಿಂಗಯ್ಯ (ಮೈಸೂರು), ಕೆ.ಎಸ್. ನಿಸಾರ್ ಅಹಮದ್ (ಬೆಂಗಳೂರು), ಚಂದ್ರಶೇಖರ ಕಂಬಾರ (ಧಾರವಾಡ)

ಕಲೆ
ಬಿ.ವಿ. ಕಾರಂತ (ಉಡುಪಿ), ಪ್ರಭಾಕರ ಜೋಶಿ (ಮಂಗಳೂರು), ಶಿವರಾಮ ಹೆಗಡೆ (ಶಿವಮೊಗ್ಗ)

ಶಿಕ್ಷಣ
ಡಾ. ರಮೇಶ್ ಕುಮಾರ್ (ಕಲಬುರಗಿ), ಸುಜಾತಾ ರಾವ್ (ಬೆಳಗಾವಿ), ಎಂ.ಎನ್. ಪ್ರಕಾಶ್ (ಹಾಸನ)

ಸಂಗೀತ
ವಿದ್ವಾನ್ ಶ್ರೀನಿವಾಸ ಉಡುಪ (ಉಡುಪಿ), ಪಂಡಿತ್ ರಾಜಶೇಖರ ಮನ್ಸೂರ (ಧಾರವಾಡ)

ಜಾನಪದ
ಸಿದ್ದಪ್ಪ ಕೊಪ್ಪಳ (ಕೊಪ್ಪಳ), ಗಂಗಮ್ಮ ಹಾವೇರಿ (ಹಾವೇರಿ), ಬಸವರಾಜ ಬಾಗಲಕೋಟೆ

ಕ್ರೀಡೆ
ಅಶ್ವಿನಿ ನಾಚಪ್ಪ (ಕೊಡಗು), ರಾಹುಲ್ ದ್ರಾವಿಡ್ (ಬೆಂಗಳೂರು), ಪ್ರಸಾದ್ ಕೆ.ಎಸ್. (ಮೈಸೂರು)

ವೈದ್ಯಕೀಯ
ಡಾ. ಸಿ.ಎನ್. ಮಂಜುನಾಥ್ (ಬೆಂಗಳೂರು), ಡಾ. ಶಂಕರ್ ರಾವ್ (ಮಂಡ್ಯ)

ಪತ್ರಿಕೋದ್ಯಮ
ರವೀಂದ್ರ ಭಟ್ (ಬೆಂಗಳೂರು), ವಿಶ್ವೇಶ್ವರ ಭಟ್ (ಬೆಂಗಳೂರು), ಸದಾಶಿವ ಶೆಣೈ (ಮಂಗಳೂರು)

ಸಮಾಜಸೇವೆ
ಶಾಂತಮ್ಮ ದೇಸಾಯಿ (ವಿಜಯಪುರ), ನಾಗರಾಜ ಶೆಟ್ಟಿ (ಉಡುಪಿ), ಲಕ್ಷ್ಮೀ ದೇವಿ (ಚಿತ್ರದುರ್ಗ)

ಕೃಷಿ
ಮಲ್ಲಿಕಾರ್ಜುನ ಗೌಡ (ರಾಯಚೂರು), ಸೋಮಶೇಖರ ಪಾಟೀಲ (ಬೀದರ್), ಈಶ್ವರಪ್ಪ (ದಾವಣಗೆರೆ)

ಯಕ್ಷಗಾನ
ಚಿಟ್ಟಾಣಿ ರಾಮಚಂದ್ರ ಹೆಗಡೆ (ಉತ್ತರ ಕನ್ನಡ), ಕೆರೆಮನೆ ಶಿವಾನಂದ ಹೆಗಡೆ

ಜಾನಪದ ಕಲೆ
ಪರಮೇಶ್ವರಪ್ಪ (ಚಿತ್ರದುರ್ಗ), ಹನುಮಂತಪ್ಪ (ಬಳ್ಳಾರಿ)

ರಂಗಭೂಮಿ
ಶ್ರೀನಿವಾಸ ಪ್ರಭು (ಬೆಂಗಳೂರು), ಮಂಡ್ಯ ರಮೇಶ್ (ಮೈಸೂರು)

ಪರಿಸರ
ಸಾಲುಮರದ ತಿಮ್ಮಕ್ಕ (ರಾಮನಗರ), ಅನಂತ ಹೆಗಡೆ ಅಶೀಸರ (ಉತ್ತರ ಕನ್ನಡ)

ಉದ್ಯಮ
ಕಿರಣ್ ಮಜುಂದಾರ್ ಶಾ (ಬೆಂಗಳೂರು), ಟಿ.ವಿ. ಮೋಹನ್ ದಾಸ್ ಪೈ (ಬೆಂಗಳೂರು)

ಗತಿ ಉನ್ನತಿಗೆ ಡಾ. ರಾಜಕುಮಾರ್ ಪ್ರಶಸ್ತಿ
ಕನ್ನಡ ಚಿತ್ರರಂಗದ ಸಾಧನೆಗಾಗಿ ನೀಡಲಾಗುವ ಪ್ರತಿಷ್ಠಿತ ಡಾ. ರಾಜಕುಮಾರ್ ಪ್ರಶಸ್ತಿ 2018 ಹಾಗೂ 2019ರ ಸಾಲಿಗೆ ಘೋಷಣೆಯಾಗಿದೆ. ಕನ್ನಡ ಚಿತ್ರರಂಗದ ಹಿರಿಯ ಕಲಾವಿದರಿಗೆ ಈ ಗೌರವ ಸಂದಿದೆ.
ಪ್ರಶಸ್ತಿಯು 5 ಲಕ್ಷ ರೂ. ನಗದು, ಸ್ಮರಣಿಕೆ ಮತ್ತು ಪ್ರಶಸ್ತಿ ಪತ್ರವನ್ನು ಒಳಗೊಂಡಿದೆ. ರಾಜ್ಯೋತ್ಸವ ಸಂದರ್ಭದಲ್ಲಿ ಪ್ರಶಸ್ತಿ ಪ್ರದಾನ ಮಾಡಲಾಗುವುದು ಎಂದು ವಾರ್ತಾ ಇಲಾಖೆ ತಿಳಿಸಿದೆ.
ಚಿತ್ರರಂಗದ ಹಲವು ಗಣ್ಯರು ಪ್ರಶಸ್ತಿ ಪುರಸ್ಕೃತರಿಗೆ ಅಭಿನಂದನೆ ಸಲ್ಲಿಸಿದ್ದಾರೆ. ಕನ್ನಡ ಚಿತ್ರರಂಗಕ್ಕೆ ಇವರ ಕೊಡುಗೆ ಅಪಾರ ಎಂದು ಶ್ಲಾಘಿಸಿದ್ದಾರೆ.
ನ್ಯಾ.ಸೂರ್ಯಕಾಂತ್ ದೇಶದ 53ನೇ ಸಿಜೆಐ
ಸುಪ್ರೀಂ ಕೋರ್ಟ್‌ನ ಹಿರಿಯ ನ್ಯಾಯಮೂರ್ತಿ ಸೂರ್ಯಕಾಂತ್ ಅವರು ದೇಶದ 53ನೇ ಮುಖ್ಯ ನ್ಯಾಯಮೂರ್ತಿಯಾಗಿ ಅಧಿಕಾರ ಸ್ವೀಕರಿಸಲಿದ್ದಾರೆ.
ಹಾಲಿ ಸಿಜೆಐ ಬಿ.ಆರ್. ಗವಾಯಿ ಅವರು ನವೆಂಬರ್ 23ಕ್ಕೆ ನಿವೃತ್ತರಾಗಲಿದ್ದು, ನ್ಯಾ. ಸೂರ್ಯಕಾಂತ್ ಅವರು ನವೆಂಬರ್ 24ರಂದು ಪ್ರಮಾಣವಚನ ಸ್ವೀಕರಿಸಲಿದ್ದಾರೆ.
ನ್ಯಾ. ಸೂರ್ಯಕಾಂತ್ ಅವರು ಹರಿಯಾಣ ಮೂಲದವರಾಗಿದ್ದು, 2019ರ ಮೇ 24ರಂದು ಸುಪ್ರೀಂ ಕೋರ್ಟ್ ನ್ಯಾಯಮೂರ್ತಿಯಾಗಿ ನೇಮಕಗೊಂಡಿದ್ದರು. ಅವರ ಅಧಿಕಾರಾವಧಿ 2027ರ ಫೆಬ್ರವರಿ 9ರವರೆಗೆ ಇರಲಿದೆ.
ಹಲವು ಮಹತ್ವದ ತೀರ್ಪುಗಳನ್ನು ನೀಡಿರುವ ಅವರು ನ್ಯಾಯಾಂಗ ಕ್ಷೇತ್ರದಲ್ಲಿ 370ಕ್ಕೂ ಹೆಚ್ಚು ಪ್ರಕರಣಗಳ ವಿಚಾರಣೆ ನಡೆಸಿದ್ದಾರೆ.
